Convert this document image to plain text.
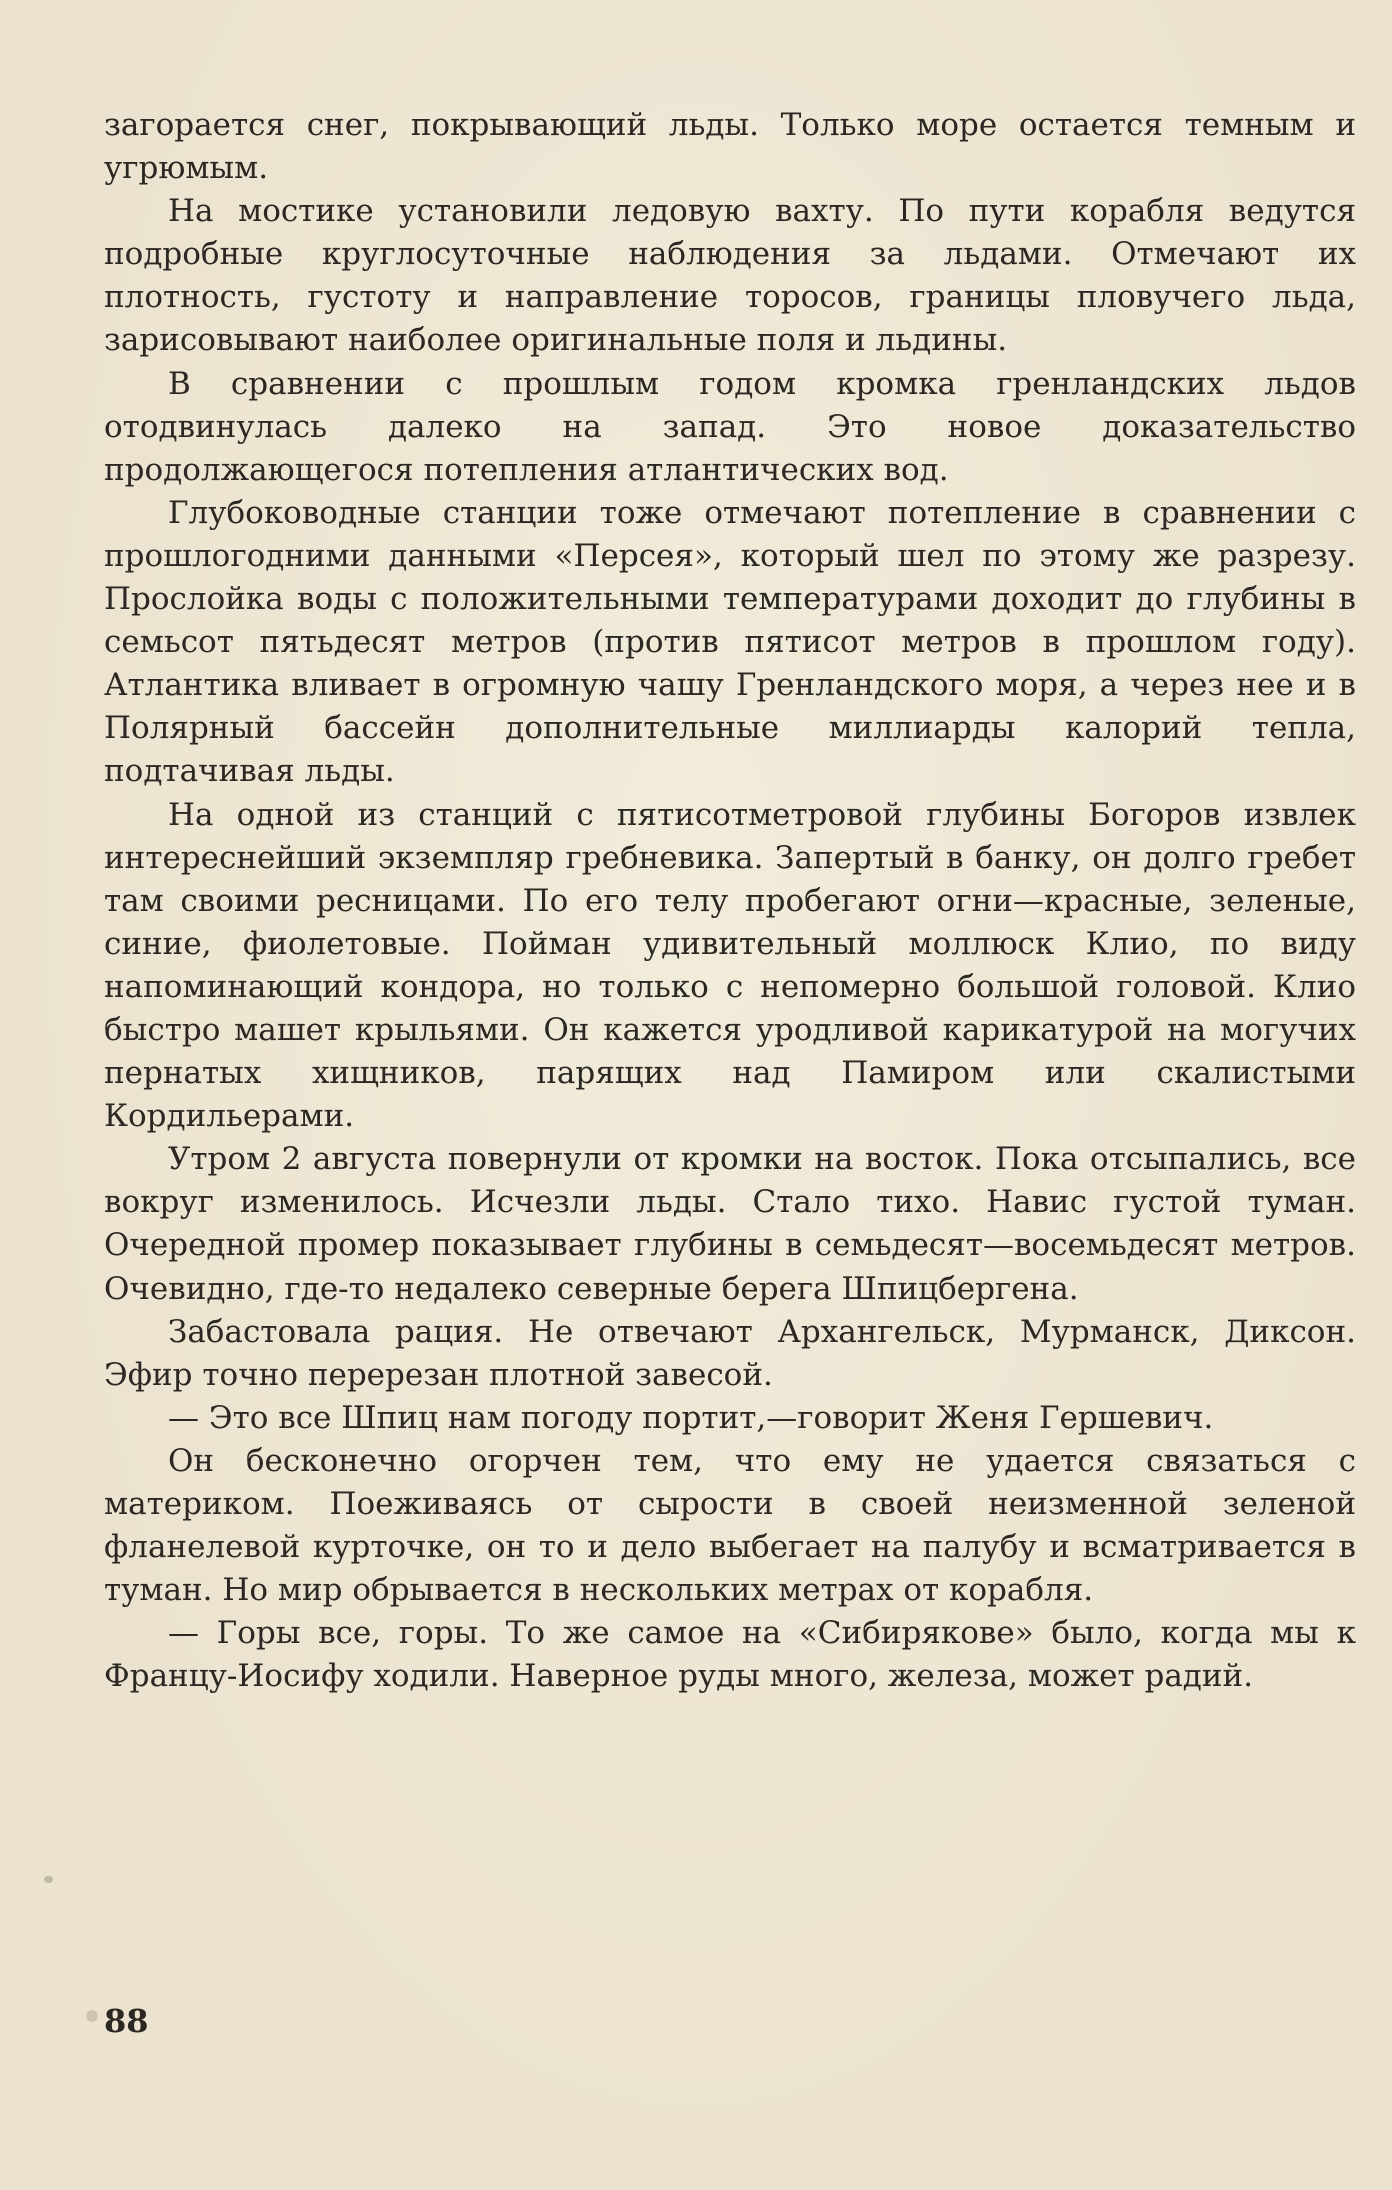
загорается снег, покрывающий льды. Только море остается темным и угрюмым.

На мостике установили ледовую вахту. По пути корабля ведутся подробные круглосуточные наблюдения за льдами. Отмечают их плотность, густоту и направление торосов, границы пловучего льда, зарисовывают наиболее оригинальные поля и льдины.

В сравнении с прошлым годом кромка гренландских льдов отодвинулась далеко на запад. Это новое доказательство продолжающегося потепления атлантических вод.

Глубоководные станции тоже отмечают потепление в сравнении с прошлогодними данными «Персея», который шел по этому же разрезу. Прослойка воды с положительными температурами доходит до глубины в семьсот пятьдесят метров (против пятисот метров в прошлом году). Атлантика вливает в огромную чашу Гренландского моря, а через нее и в Полярный бассейн дополнительные миллиарды калорий тепла, подтачивая льды.

На одной из станций с пятисотметровой глубины Богоров извлек интереснейший экземпляр гребневика. Запертый в банку, он долго гребет там своими ресницами. По его телу пробегают огни—красные, зеленые, синие, фиолетовые. Пойман удивительный моллюск Клио, по виду напоминающий кондора, но только с непомерно большой головой. Клио быстро машет крыльями. Он кажется уродливой карикатурой на могучих пернатых хищников, парящих над Памиром или скалистыми Кордильерами.

Утром 2 августа повернули от кромки на восток. Пока отсыпались, все вокруг изменилось. Исчезли льды. Стало тихо. Навис густой туман. Очередной промер показывает глубины в семьдесят—восемьдесят метров. Очевидно, где-то недалеко северные берега Шпицбергена.

Забастовала рация. Не отвечают Архангельск, Мурманск, Диксон. Эфир точно перерезан плотной завесой.

— Это все Шпиц нам погоду портит,—говорит Женя Гершевич.

Он бесконечно огорчен тем, что ему не удается связаться с материком. Поеживаясь от сырости в своей неизменной зеленой фланелевой курточке, он то и дело выбегает на палубу и всматривается в туман. Но мир обрывается в нескольких метрах от корабля.

— Горы все, горы. То же самое на «Сибирякове» было, когда мы к Францу-Иосифу ходили. Наверное руды много, железа, может радий.

88
